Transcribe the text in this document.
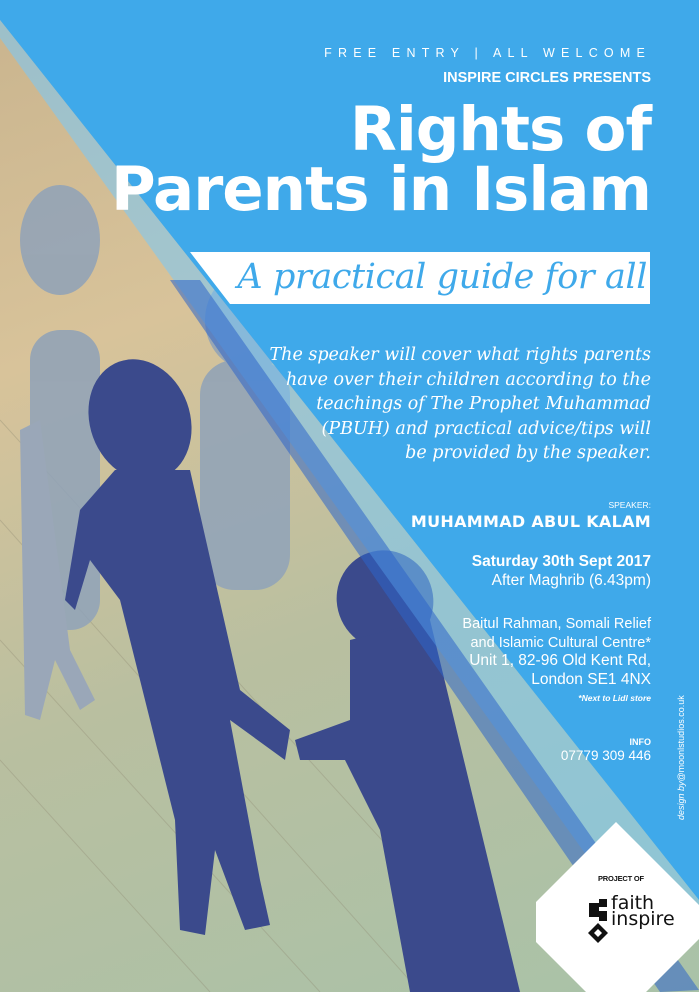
FREE ENTRY | ALL WELCOME
INSPIRE CIRCLES PRESENTS
Rights of
Parents in Islam
A practical guide for all
The speaker will cover what rights parents
have over their children according to the
teachings of The Prophet Muhammad
(PBUH) and practical advice/tips will
be provided by the speaker.
SPEAKER:
MUHAMMAD ABUL KALAM
Saturday 30th Sept 2017
After Maghrib (6.43pm)
Baitul Rahman, Somali Relief
and Islamic Cultural Centre*
Unit 1, 82-96 Old Kent Rd,
London SE1 4NX
*Next to Lidl store
INFO
07779 309 446
design by@moonlstudios.co.uk
PROJECT OF
faith
inspire
